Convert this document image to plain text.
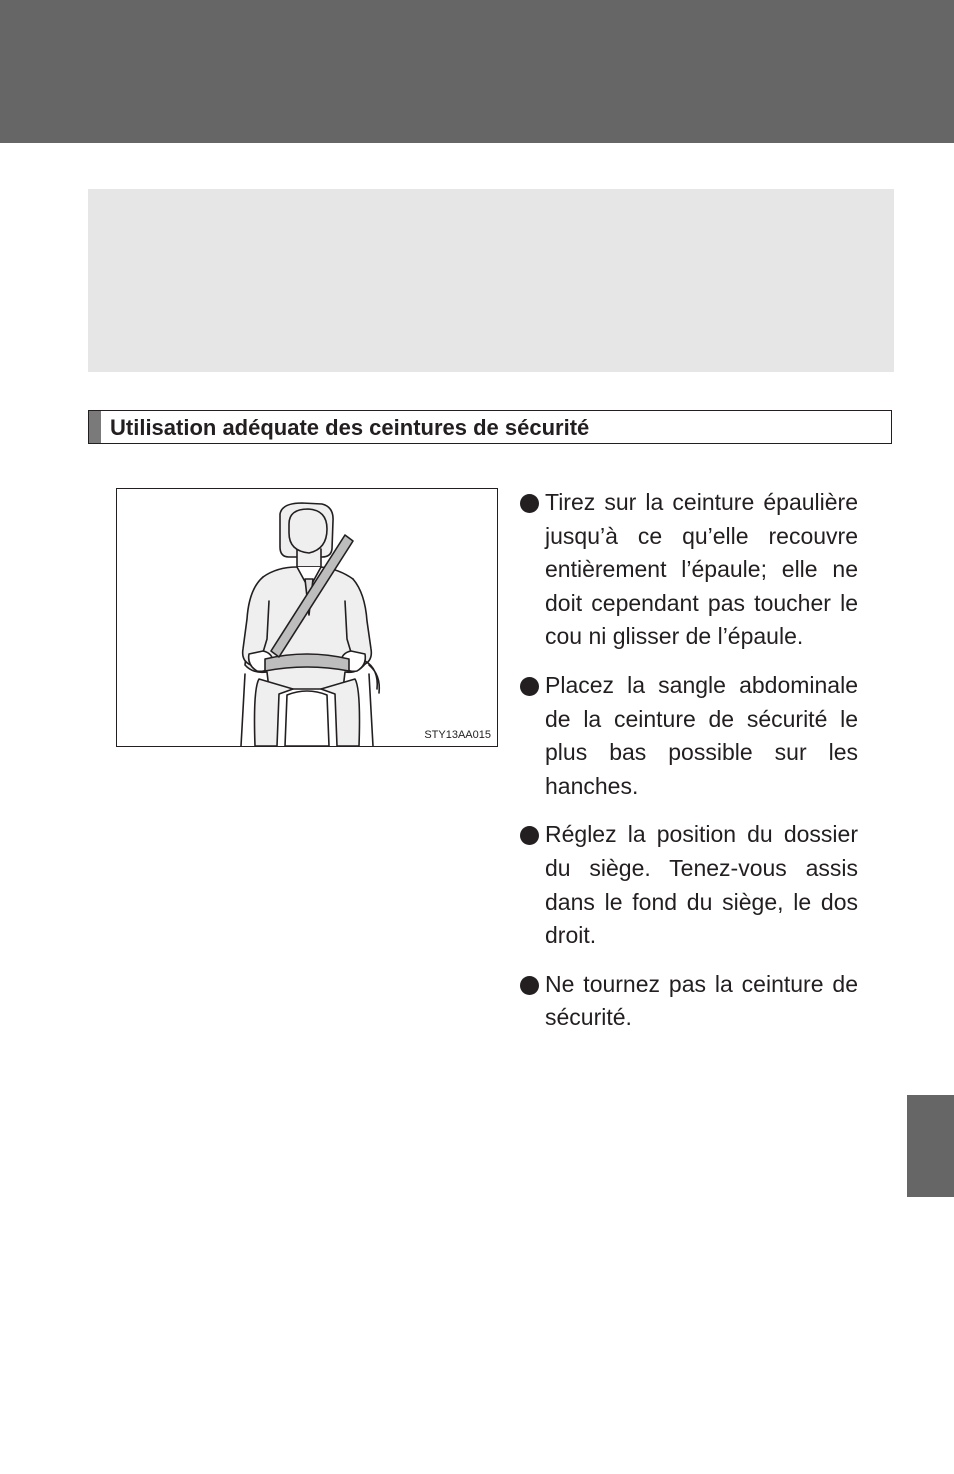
Utilisation adéquate des ceintures de sécurité
STY13AA015
Tirez sur la ceinture épaulière jusqu’à ce qu’elle recouvre entièrement l’épaule; elle ne doit cependant pas toucher le cou ni glisser de l’épaule.
Placez la sangle abdominale de la ceinture de sécurité le plus bas possible sur les hanches.
Réglez la position du dossier du siège. Tenez-vous assis dans le fond du siège, le dos droit.
Ne tournez pas la ceinture de sécurité.
